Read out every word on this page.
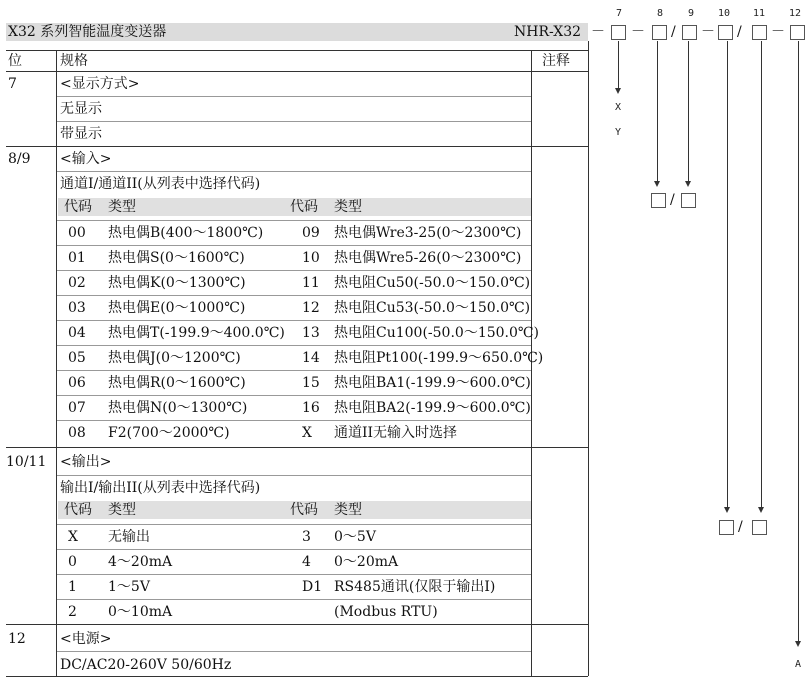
X32 系列智能温度变送器	NHR-X32
7	8 9 10 11 12
－ － / － / －
位	规格	注释
7	<显示方式>
无显示
带显示
X
Y
8/9 <输入>
通道I/通道II(从列表中选择代码)
代码 类型	代码 类型
00 热电偶B(400～1800℃)	09 热电偶Wre3-25(0～2300℃)
01 热电偶S(0～1600℃)	10 热电偶Wre5-26(0～2300℃)
02 热电偶K(0～1300℃)	11 热电阻Cu50(-50.0～150.0℃)
03 热电偶E(0～1000℃)	12 热电阻Cu53(-50.0～150.0℃)
04 热电偶T(-199.9～400.0℃) 13 热电阻Cu100(-50.0～150.0℃)
05 热电偶J(0～1200℃)	14 热电阻Pt100(-199.9～650.0℃)
06 热电偶R(0～1600℃)	15 热电阻BA1(-199.9～600.0℃)
07 热电偶N(0～1300℃)	16 热电阻BA2(-199.9～600.0℃)
08 F2(700～2000℃)	X 通道II无输入时选择
/
10/11 <输出>
输出I/输出II(从列表中选择代码)
代码 类型	代码 类型
X 无输出	3 0～5V
0 4～20mA	4 0～20mA
1 1～5V	D1 RS485通讯(仅限于输出Ⅰ)
2 0～10mA	(Modbus RTU)
/
12 <电源>
DC/AC20-260V 50/60Hz	A
